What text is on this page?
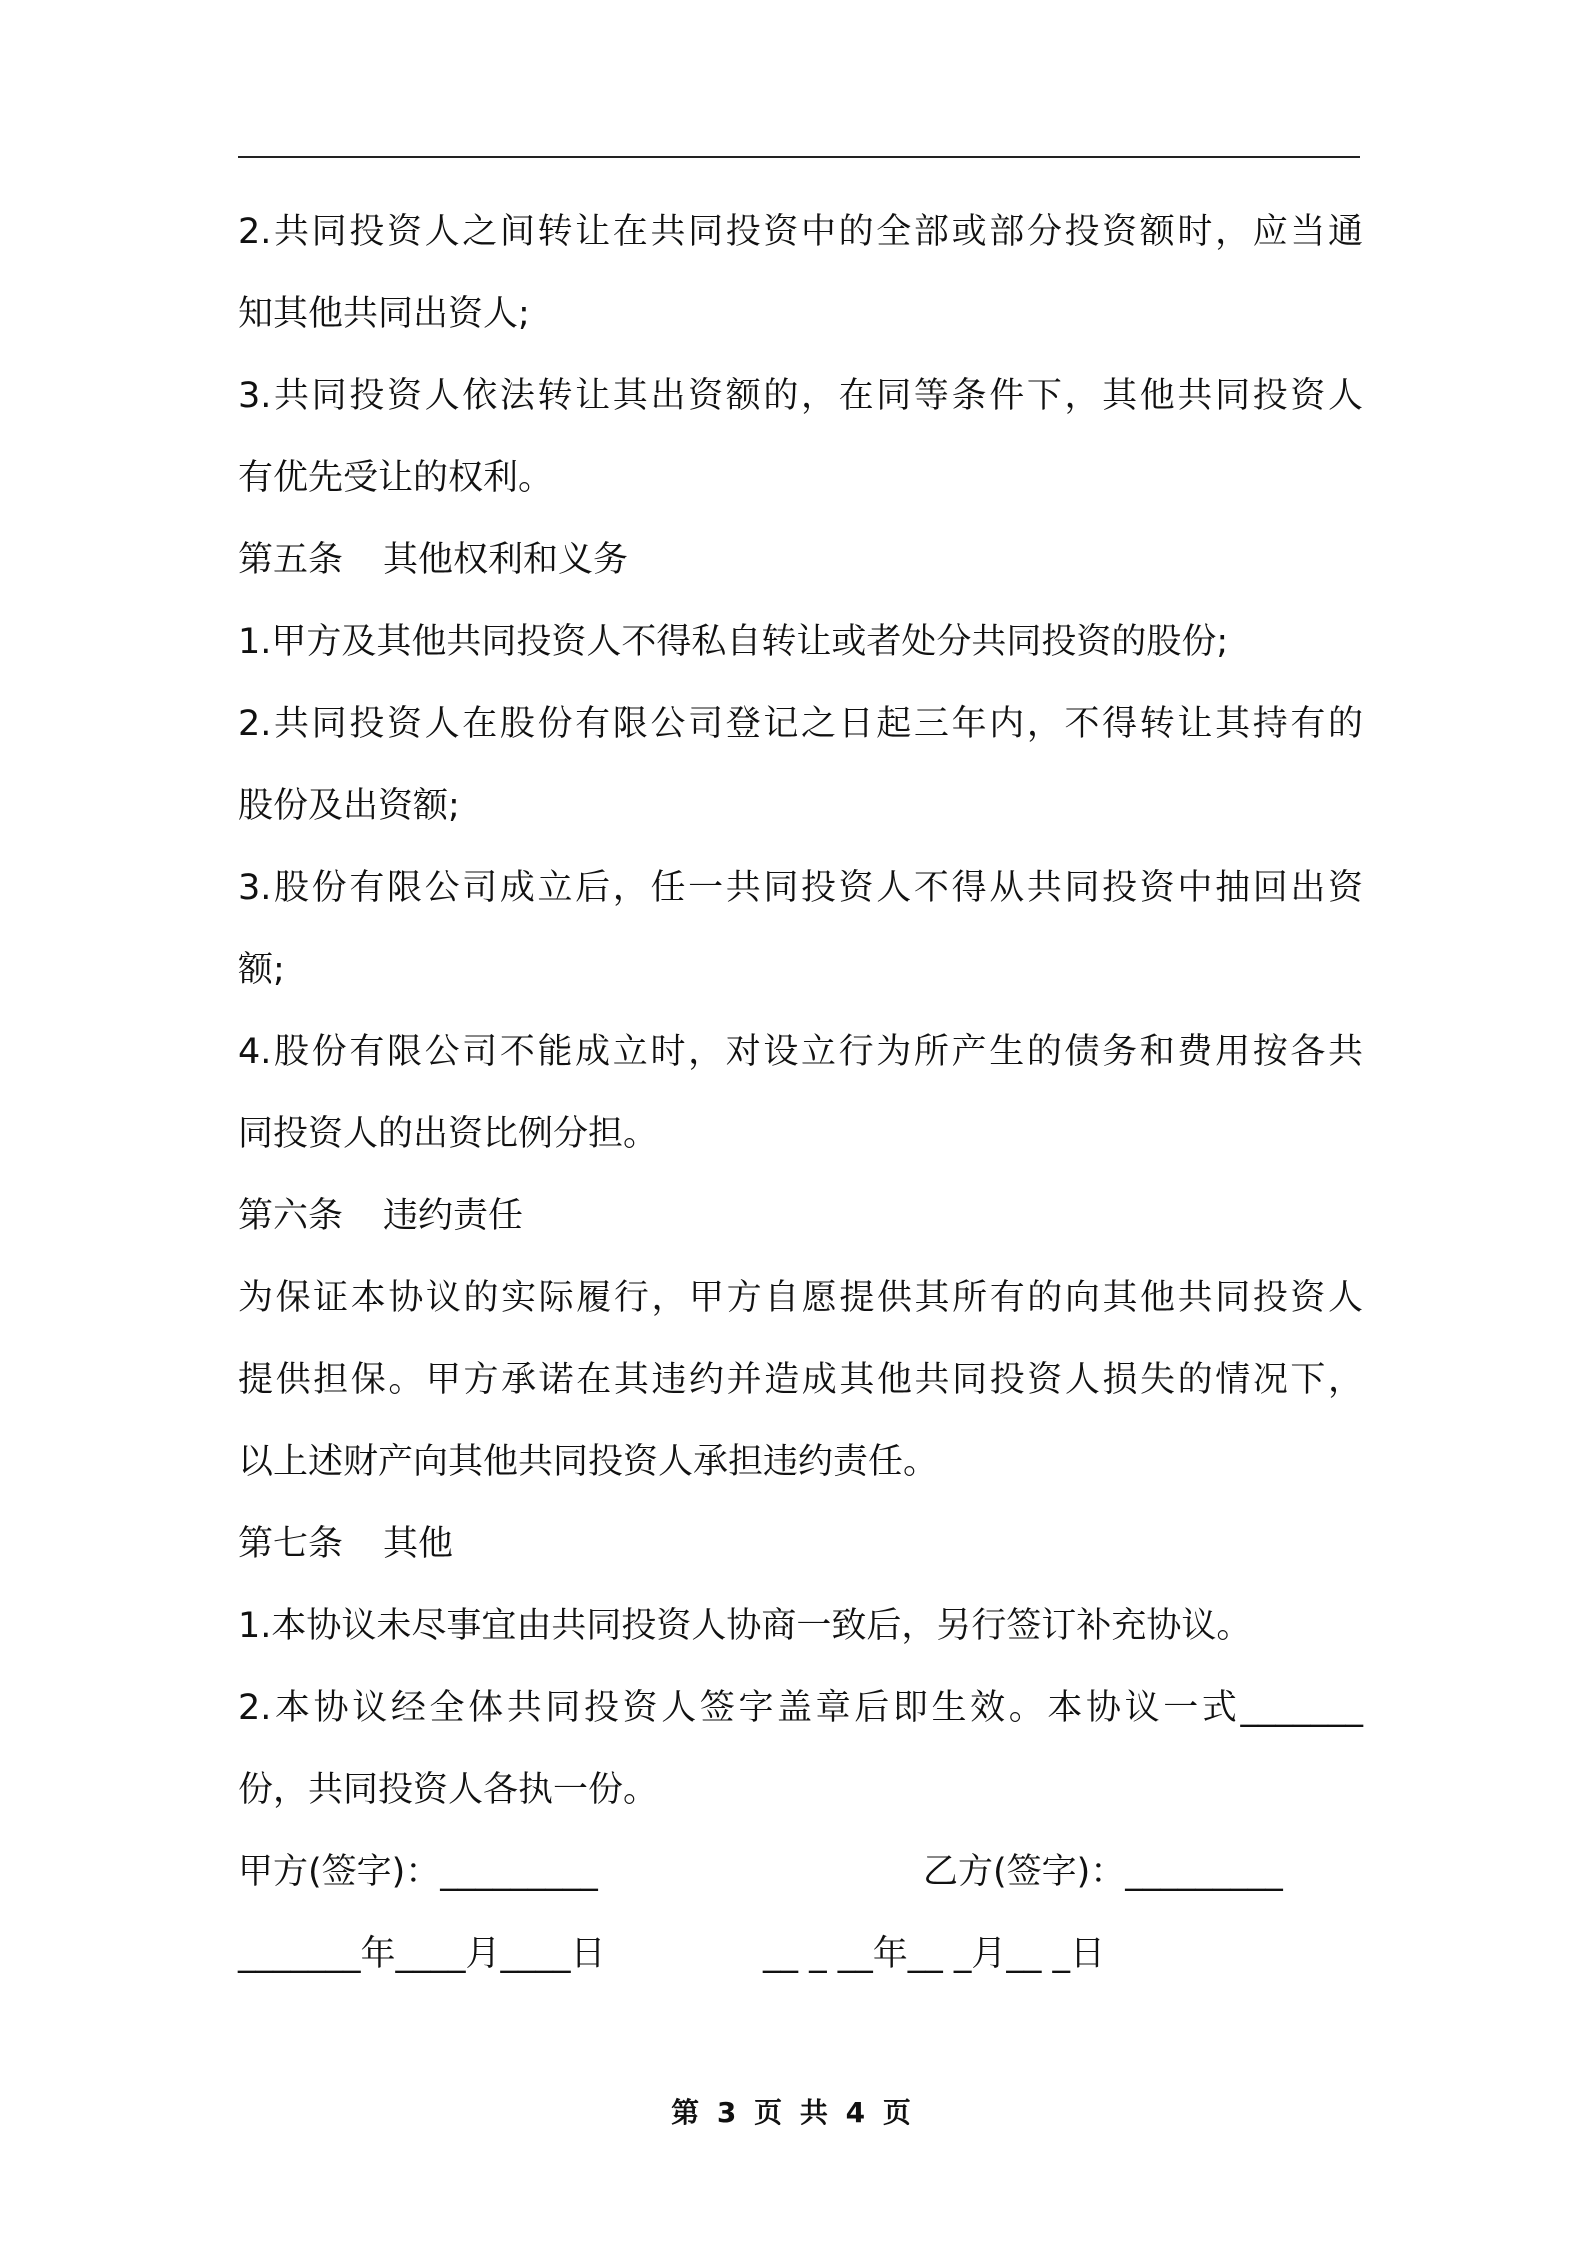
2.共同投资人之间转让在共同投资中的全部或部分投资额时，应当通
知其他共同出资人;
3.共同投资人依法转让其出资额的，在同等条件下，其他共同投资人
有优先受让的权利。
第五条 其他权利和义务
1.甲方及其他共同投资人不得私自转让或者处分共同投资的股份;
2.共同投资人在股份有限公司登记之日起三年内，不得转让其持有的
股份及出资额;
3.股份有限公司成立后，任一共同投资人不得从共同投资中抽回出资
额;
4.股份有限公司不能成立时，对设立行为所产生的债务和费用按各共
同投资人的出资比例分担。
第六条 违约责任
为保证本协议的实际履行，甲方自愿提供其所有的向其他共同投资人
提供担保。甲方承诺在其违约并造成其他共同投资人损失的情况下，
以上述财产向其他共同投资人承担违约责任。
第七条 其他
1.本协议未尽事宜由共同投资人协商一致后，另行签订补充协议。
2.本协议经全体共同投资人签字盖章后即生效。本协议一式_______
份，共同投资人各执一份。
甲方(签字)：_________	乙方(签字)：_________
_______年____月____日	__ _ __年__ _月__ _日
第 3 页 共 4 页
